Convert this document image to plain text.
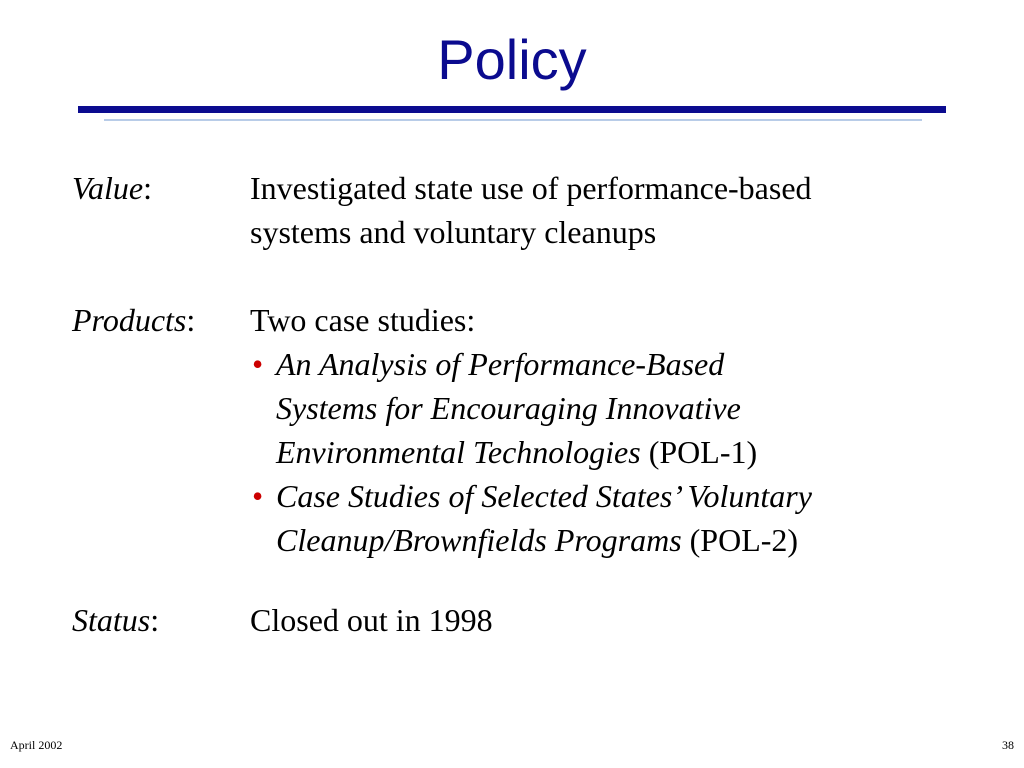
Policy
Value:	Investigated state use of performance-based
systems and voluntary cleanups
Products: Two case studies:
• An Analysis of Performance-Based
Systems for Encouraging Innovative
Environmental Technologies (POL-1)
• Case Studies of Selected States’ Voluntary
Cleanup/Brownfields Programs (POL-2)
Status:	Closed out in 1998
April 2002	38
